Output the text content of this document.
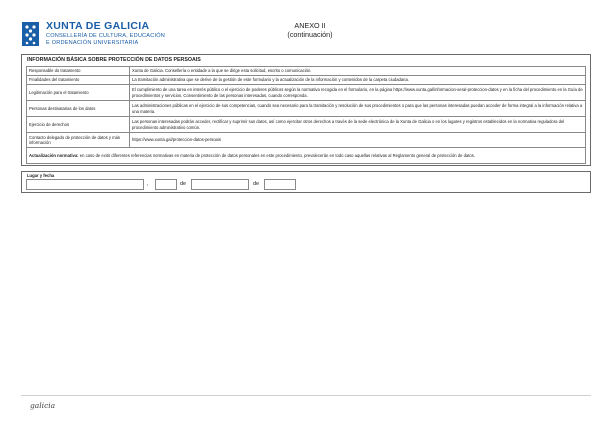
XUNTA DE GALICIA
CONSELLERÍA DE CULTURA, EDUCACIÓN
E ORDENACIÓN UNIVERSITARIA
ANEXO II
(continuación)
INFORMACIÓN BÁSICA SOBRE PROTECCIÓN DE DATOS PERSOAIS
Responsable do tratamento	Xunta de Galicia. Consellería o entidade a la que se dirige esta solicitud, escrito o comunicación.
Finalidades del tratamiento	La tramitación administrativa que se derive de la gestión de este formulario y la actualización de la información y contenidos de la carpeta ciudadana.
Legitimación para el tratamiento	El cumplimiento de una tarea en interés público o el ejercicio de poderes públicos según la normativa recogida en el formulario, en la página https://www.xunta.gal/informacion-xeral-proteccion-datos y en la ficha del procedimiento en la Guía de procedimientos y servicios. Consentimiento de las personas interesadas, cuando corresponda.
Personas destinatarias de los datos	Las administraciones públicas en el ejercicio de sus competencias, cuando sea necesario para la tramitación y resolución de sus procedimientos o para que las personas interesadas puedan acceder de forma integral a la información relativa a una materia.
Ejercicio de derechos	Las personas interesadas podrán acceder, rectificar y suprimir sus datos, así como ejercitar otros derechos a través de la sede electrónica de la Xunta de Galicia o en los lugares y registros establecidos en la normativa reguladora del procedimiento administrativo común.
Contacto delegado de protección de datos y más información	https://www.xunta.gal/proteccion-datos-persoais
Actualización normativa: en caso de exitir diferentes referencias normativas en materia de protección de datos personales en este procedimiento, prevalecerán en todo caso aquellas relativas al Reglamento general de protección de datos.	
Lugar y fecha
,	de	de
galicia
